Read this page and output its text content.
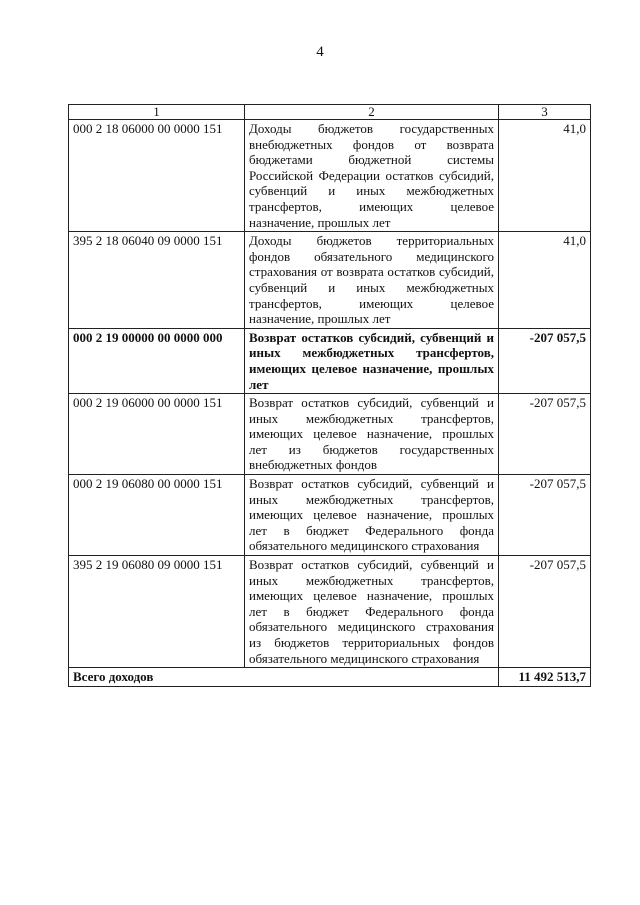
4
1	2	3
000 2 18 06000 00 0000 151	Доходы бюджетов государственных внебюджетных фондов от возврата бюджетами бюджетной системы Российской Федерации остатков субсидий, субвенций и иных межбюджетных трансфертов, имеющих целевое назначение, прошлых лет	41,0
395 2 18 06040 09 0000 151	Доходы бюджетов территориальных фондов обязательного медицинского страхования от возврата остатков субсидий, субвенций и иных межбюджетных трансфертов, имеющих целевое назначение, прошлых лет	41,0
000 2 19 00000 00 0000 000	Возврат остатков субсидий, субвенций и иных межбюджетных трансфертов, имеющих целевое назначение, прошлых лет	-207 057,5
000 2 19 06000 00 0000 151	Возврат остатков субсидий, субвенций и иных межбюджетных трансфертов, имеющих целевое назначение, прошлых лет из бюджетов государственных внебюджетных фондов	-207 057,5
000 2 19 06080 00 0000 151	Возврат остатков субсидий, субвенций и иных межбюджетных трансфертов, имеющих целевое назначение, прошлых лет в бюджет Федерального фонда обязательного медицинского страхования	-207 057,5
395 2 19 06080 09 0000 151	Возврат остатков субсидий, субвенций и иных межбюджетных трансфертов, имеющих целевое назначение, прошлых лет в бюджет Федерального фонда обязательного медицинского страхования из бюджетов территориальных фондов обязательного медицинского страхования	-207 057,5
Всего доходов		11 492 513,7
